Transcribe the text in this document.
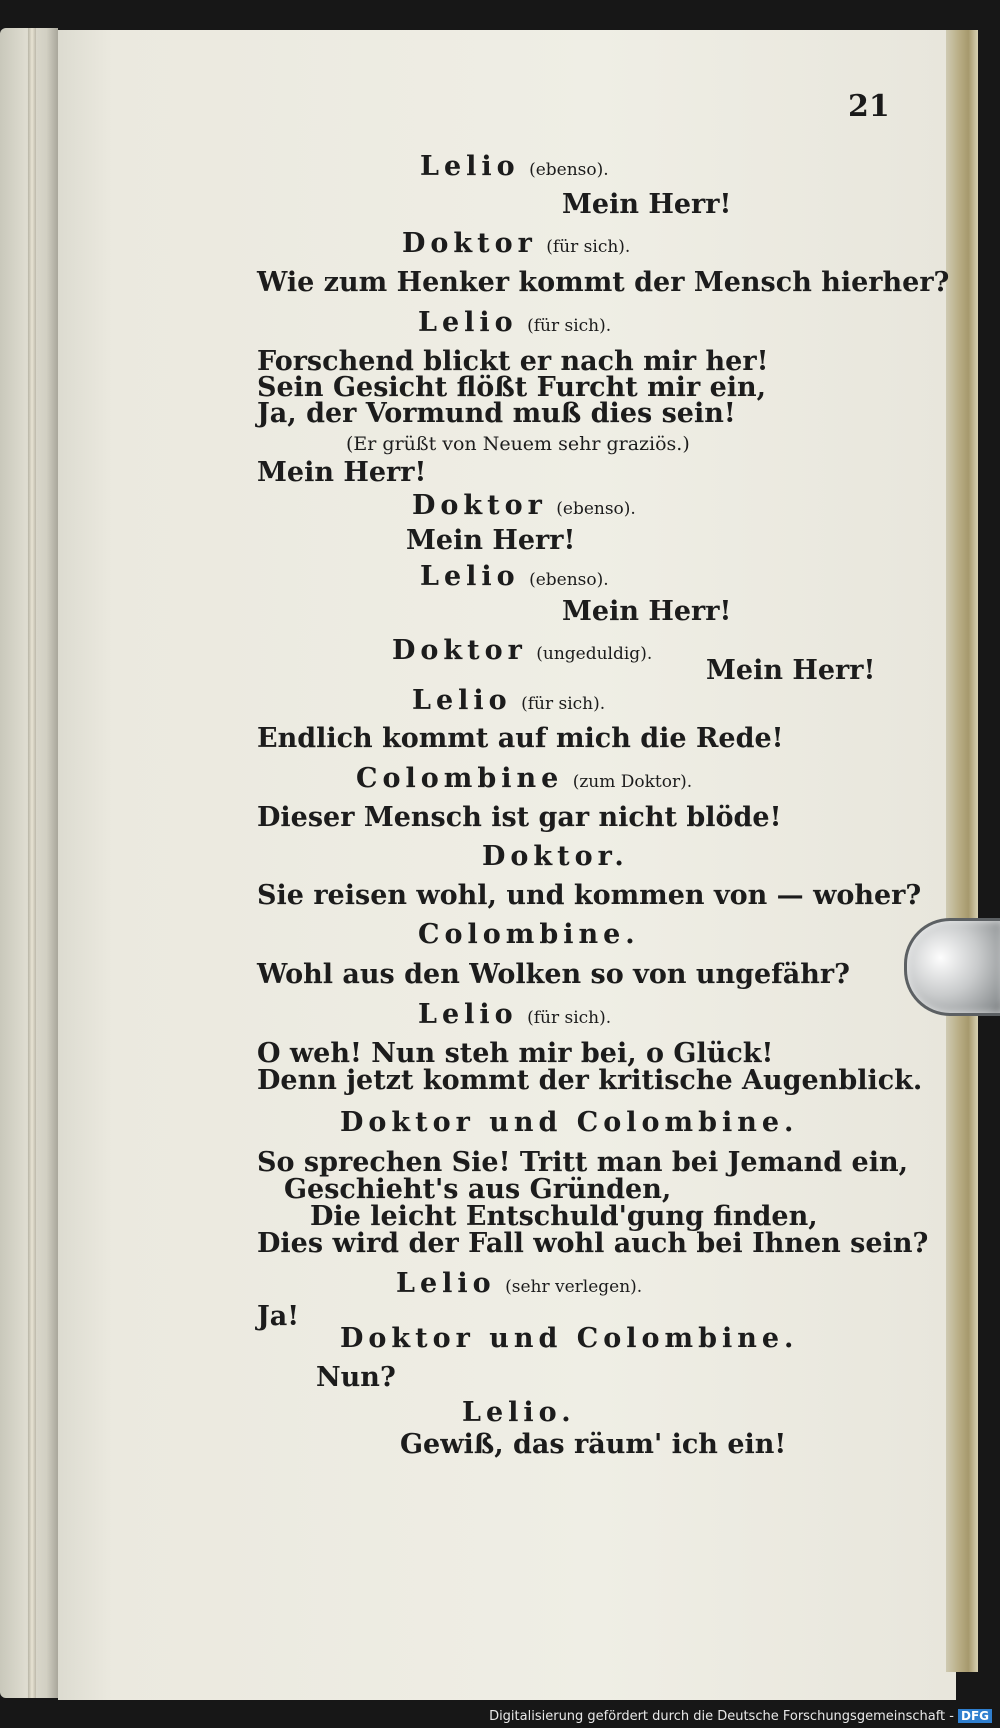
21

Lelio (ebenso).

Mein Herr!

Doktor (für sich).

Wie zum Henker kommt der Mensch hierher?

Lelio (für sich).

Forschend blickt er nach mir her!

Sein Gesicht flößt Furcht mir ein,

Ja, der Vormund muß dies sein!

(Er grüßt von Neuem sehr graziös.)

Mein Herr!

Doktor (ebenso).

Mein Herr!

Lelio (ebenso).

Mein Herr!

Doktor (ungeduldig).

Mein Herr!

Lelio (für sich).

Endlich kommt auf mich die Rede!

Colombine (zum Doktor).

Dieser Mensch ist gar nicht blöde!

Doktor.

Sie reisen wohl, und kommen von — woher?

Colombine.

Wohl aus den Wolken so von ungefähr?

Lelio (für sich).

O weh! Nun steh mir bei, o Glück!

Denn jetzt kommt der kritische Augenblick.

Doktor und Colombine.

So sprechen Sie! Tritt man bei Jemand ein,

Geschieht's aus Gründen,

Die leicht Entschuld'gung finden,

Dies wird der Fall wohl auch bei Ihnen sein?

Lelio (sehr verlegen).

Ja!

Doktor und Colombine.

Nun?

Lelio.

Gewiß, das räum' ich ein!

Digitalisierung gefördert durch die Deutsche Forschungsgemeinschaft - DFG
